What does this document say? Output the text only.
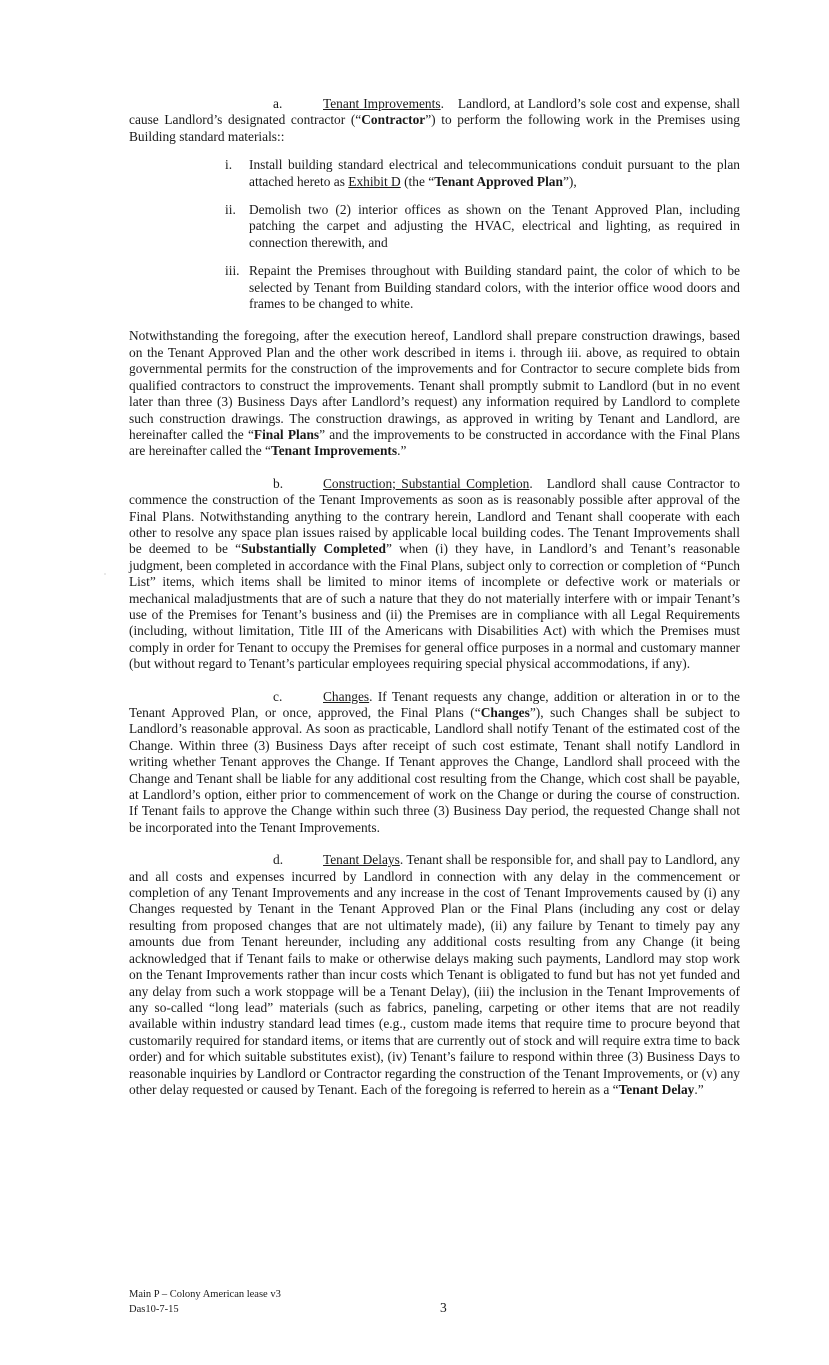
a.	Tenant Improvements. Landlord, at Landlord’s sole cost and expense, shall cause Landlord’s designated contractor (“Contractor”) to perform the following work in the Premises using Building standard materials::

i. Install building standard electrical and telecommunications conduit pursuant to the plan attached hereto as Exhibit D (the “Tenant Approved Plan”),

ii. Demolish two (2) interior offices as shown on the Tenant Approved Plan, including patching the carpet and adjusting the HVAC, electrical and lighting, as required in connection therewith, and

iii. Repaint the Premises throughout with Building standard paint, the color of which to be selected by Tenant from Building standard colors, with the interior office wood doors and frames to be changed to white.

Notwithstanding the foregoing, after the execution hereof, Landlord shall prepare construction drawings, based on the Tenant Approved Plan and the other work described in items i. through iii. above, as required to obtain governmental permits for the construction of the improvements and for Contractor to secure complete bids from qualified contractors to construct the improvements. Tenant shall promptly submit to Landlord (but in no event later than three (3) Business Days after Landlord’s request) any information required by Landlord to complete such construction drawings. The construction drawings, as approved in writing by Tenant and Landlord, are hereinafter called the “Final Plans” and the improvements to be constructed in accordance with the Final Plans are hereinafter called the “Tenant Improvements.”

b.	Construction; Substantial Completion. Landlord shall cause Contractor to commence the construction of the Tenant Improvements as soon as is reasonably possible after approval of the Final Plans. Notwithstanding anything to the contrary herein, Landlord and Tenant shall cooperate with each other to resolve any space plan issues raised by applicable local building codes. The Tenant Improvements shall be deemed to be “Substantially Completed” when (i) they have, in Landlord’s and Tenant’s reasonable judgment, been completed in accordance with the Final Plans, subject only to correction or completion of “Punch List” items, which items shall be limited to minor items of incomplete or defective work or materials or mechanical maladjustments that are of such a nature that they do not materially interfere with or impair Tenant’s use of the Premises for Tenant’s business and (ii) the Premises are in compliance with all Legal Requirements (including, without limitation, Title III of the Americans with Disabilities Act) with which the Premises must comply in order for Tenant to occupy the Premises for general office purposes in a normal and customary manner (but without regard to Tenant’s particular employees requiring special physical accommodations, if any).

c.	Changes. If Tenant requests any change, addition or alteration in or to the Tenant Approved Plan, or once, approved, the Final Plans (“Changes”), such Changes shall be subject to Landlord’s reasonable approval. As soon as practicable, Landlord shall notify Tenant of the estimated cost of the Change. Within three (3) Business Days after receipt of such cost estimate, Tenant shall notify Landlord in writing whether Tenant approves the Change. If Tenant approves the Change, Landlord shall proceed with the Change and Tenant shall be liable for any additional cost resulting from the Change, which cost shall be payable, at Landlord’s option, either prior to commencement of work on the Change or during the course of construction. If Tenant fails to approve the Change within such three (3) Business Day period, the requested Change shall not be incorporated into the Tenant Improvements.

d.	Tenant Delays. Tenant shall be responsible for, and shall pay to Landlord, any and all costs and expenses incurred by Landlord in connection with any delay in the commencement or completion of any Tenant Improvements and any increase in the cost of Tenant Improvements caused by (i) any Changes requested by Tenant in the Tenant Approved Plan or the Final Plans (including any cost or delay resulting from proposed changes that are not ultimately made), (ii) any failure by Tenant to timely pay any amounts due from Tenant hereunder, including any additional costs resulting from any Change (it being acknowledged that if Tenant fails to make or otherwise delays making such payments, Landlord may stop work on the Tenant Improvements rather than incur costs which Tenant is obligated to fund but has not yet funded and any delay from such a work stoppage will be a Tenant Delay), (iii) the inclusion in the Tenant Improvements of any so-called “long lead” materials (such as fabrics, paneling, carpeting or other items that are not readily available within industry standard lead times (e.g., custom made items that require time to procure beyond that customarily required for standard items, or items that are currently out of stock and will require extra time to back order) and for which suitable substitutes exist), (iv) Tenant’s failure to respond within three (3) Business Days to reasonable inquiries by Landlord or Contractor regarding the construction of the Tenant Improvements, or (v) any other delay requested or caused by Tenant. Each of the foregoing is referred to herein as a “Tenant Delay.”

Main P – Colony American lease v3
Das10-7-15	3
